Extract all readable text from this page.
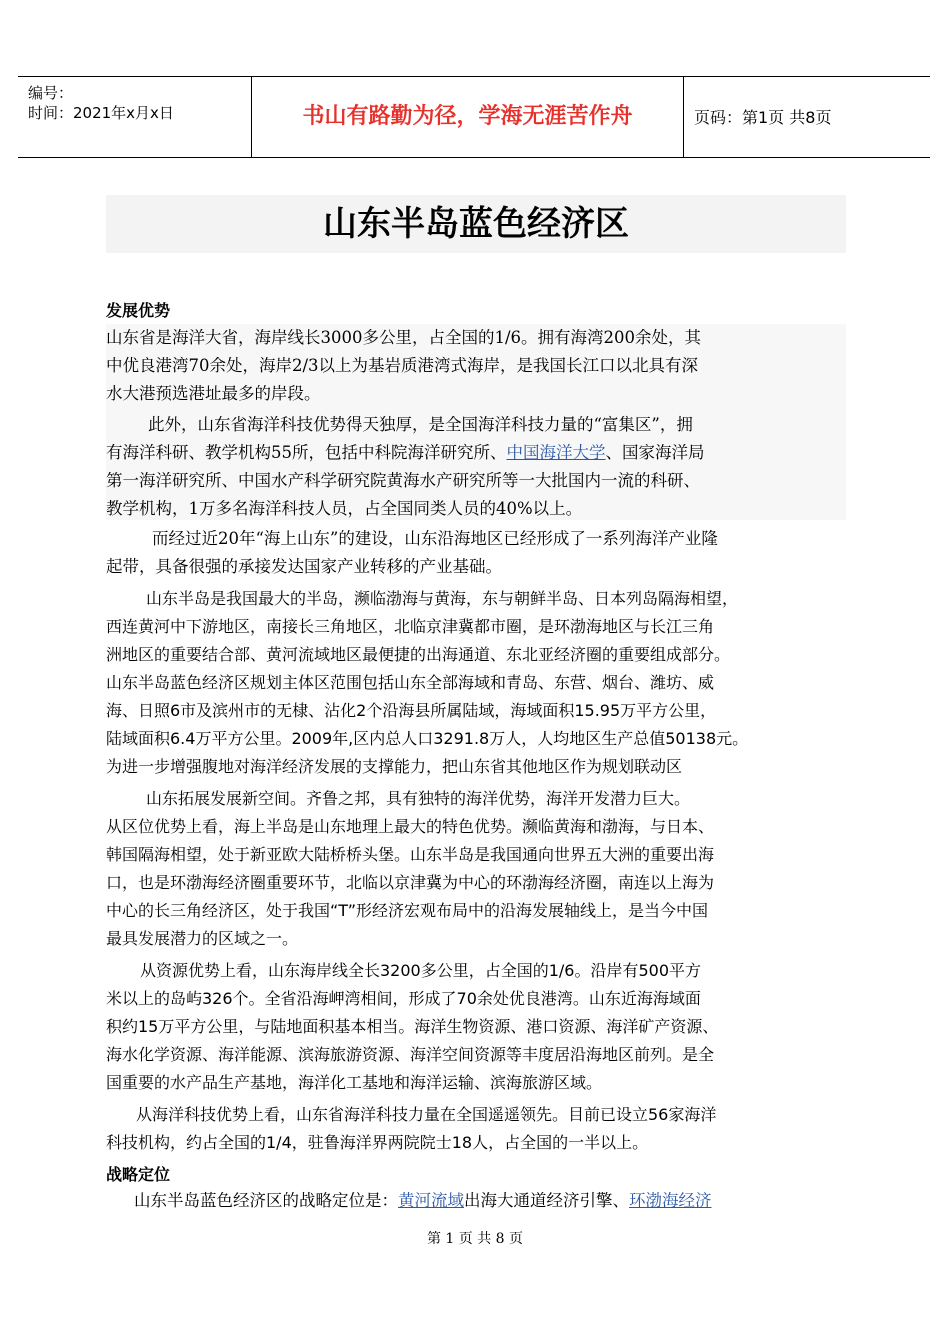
编号：
时间：2021年x月x日	书山有路勤为径，学海无涯苦作舟	页码：第1页 共8页
山东半岛蓝色经济区
发展优势
山东省是海洋大省，海岸线长3000多公里，占全国的1/6。拥有海湾200余处，其
中优良港湾70余处，海岸2/3以上为基岩质港湾式海岸，是我国长江口以北具有深
水大港预选港址最多的岸段。
此外，山东省海洋科技优势得天独厚，是全国海洋科技力量的“富集区”，拥
有海洋科研、教学机构55所，包括中科院海洋研究所、中国海洋大学、国家海洋局
第一海洋研究所、中国水产科学研究院黄海水产研究所等一大批国内一流的科研、
教学机构，1万多名海洋科技人员，占全国同类人员的40%以上。
而经过近20年“海上山东”的建设，山东沿海地区已经形成了一系列海洋产业隆
起带，具备很强的承接发达国家产业转移的产业基础。
山东半岛是我国最大的半岛，濒临渤海与黄海，东与朝鲜半岛、日本列岛隔海相望，
西连黄河中下游地区，南接长三角地区，北临京津冀都市圈，是环渤海地区与长江三角
洲地区的重要结合部、黄河流域地区最便捷的出海通道、东北亚经济圈的重要组成部分。
山东半岛蓝色经济区规划主体区范围包括山东全部海域和青岛、东营、烟台、潍坊、威
海、日照6市及滨州市的无棣、沾化2个沿海县所属陆域，海域面积15.95万平方公里，
陆域面积6.4万平方公里。2009年,区内总人口3291.8万人，人均地区生产总值50138元。
为进一步增强腹地对海洋经济发展的支撑能力，把山东省其他地区作为规划联动区
山东拓展发展新空间。齐鲁之邦，具有独特的海洋优势，海洋开发潜力巨大。
从区位优势上看，海上半岛是山东地理上最大的特色优势。濒临黄海和渤海，与日本、
韩国隔海相望，处于新亚欧大陆桥桥头堡。山东半岛是我国通向世界五大洲的重要出海
口，也是环渤海经济圈重要环节，北临以京津冀为中心的环渤海经济圈，南连以上海为
中心的长三角经济区，处于我国“T”形经济宏观布局中的沿海发展轴线上，是当今中国
最具发展潜力的区域之一。
从资源优势上看，山东海岸线全长3200多公里，占全国的1/6。沿岸有500平方
米以上的岛屿326个。全省沿海岬湾相间，形成了70余处优良港湾。山东近海海域面
积约15万平方公里，与陆地面积基本相当。海洋生物资源、港口资源、海洋矿产资源、
海水化学资源、海洋能源、滨海旅游资源、海洋空间资源等丰度居沿海地区前列。是全
国重要的水产品生产基地，海洋化工基地和海洋运输、滨海旅游区域。
从海洋科技优势上看，山东省海洋科技力量在全国遥遥领先。目前已设立56家海洋
科技机构，约占全国的1/4，驻鲁海洋界两院院士18人，占全国的一半以上。
战略定位
山东半岛蓝色经济区的战略定位是：黄河流域出海大通道经济引擎、环渤海经济
第 1 页 共 8 页
